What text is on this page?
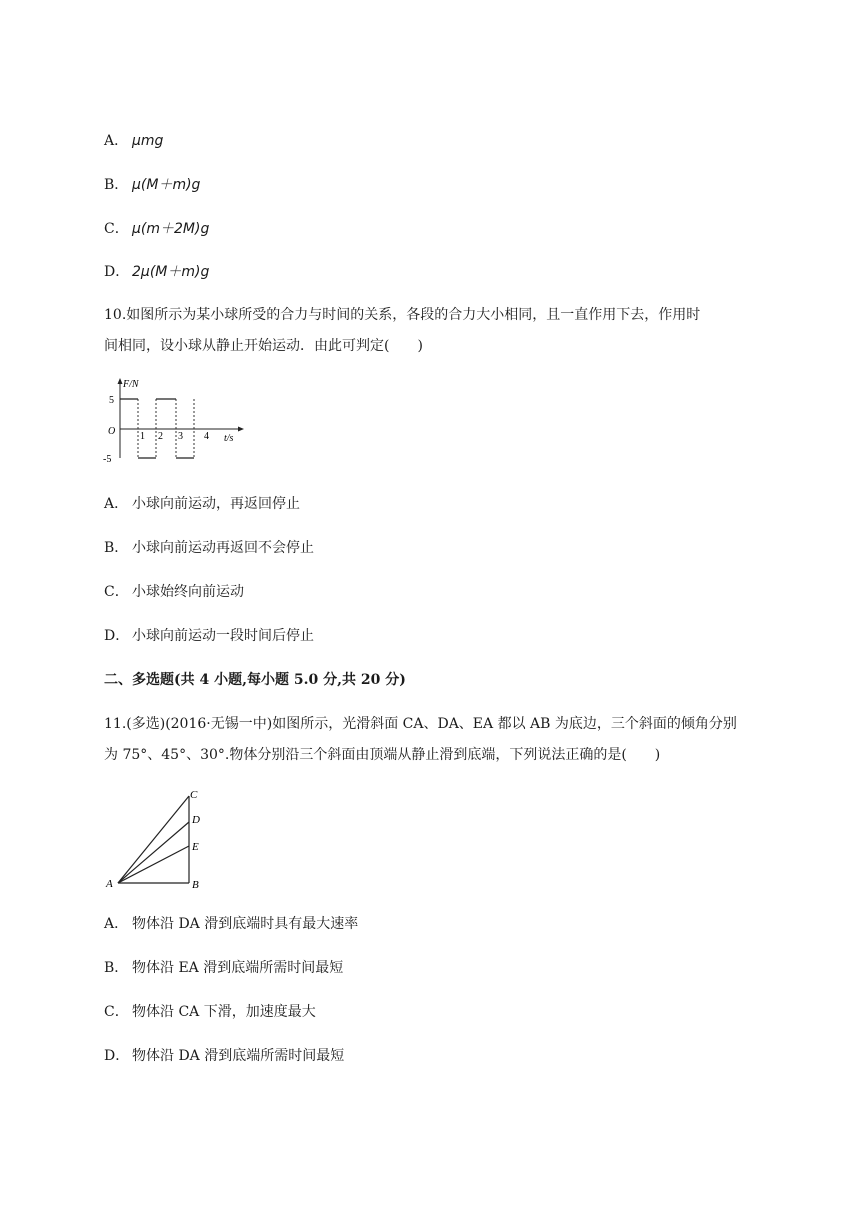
A． μmg
B． μ(M＋m)g
C． μ(m＋2M)g
D． 2μ(M＋m)g
10.如图所示为某小球所受的合力与时间的关系，各段的合力大小相同，且一直作用下去，作用时
间相同，设小球从静止开始运动．由此可判定(　　)
F/N
t/s
O
5
-5
1 2 3 4
A． 小球向前运动，再返回停止
B． 小球向前运动再返回不会停止
C． 小球始终向前运动
D． 小球向前运动一段时间后停止
二、多选题(共 4 小题,每小题 5.0 分,共 20 分)
11.(多选)(2016·无锡一中)如图所示，光滑斜面 CA、DA、EA 都以 AB 为底边，三个斜面的倾角分别
为 75°、45°、30°.物体分别沿三个斜面由顶端从静止滑到底端，下列说法正确的是(　　)
A	B
C
D
E
A． 物体沿 DA 滑到底端时具有最大速率
B． 物体沿 EA 滑到底端所需时间最短
C． 物体沿 CA 下滑，加速度最大
D． 物体沿 DA 滑到底端所需时间最短
